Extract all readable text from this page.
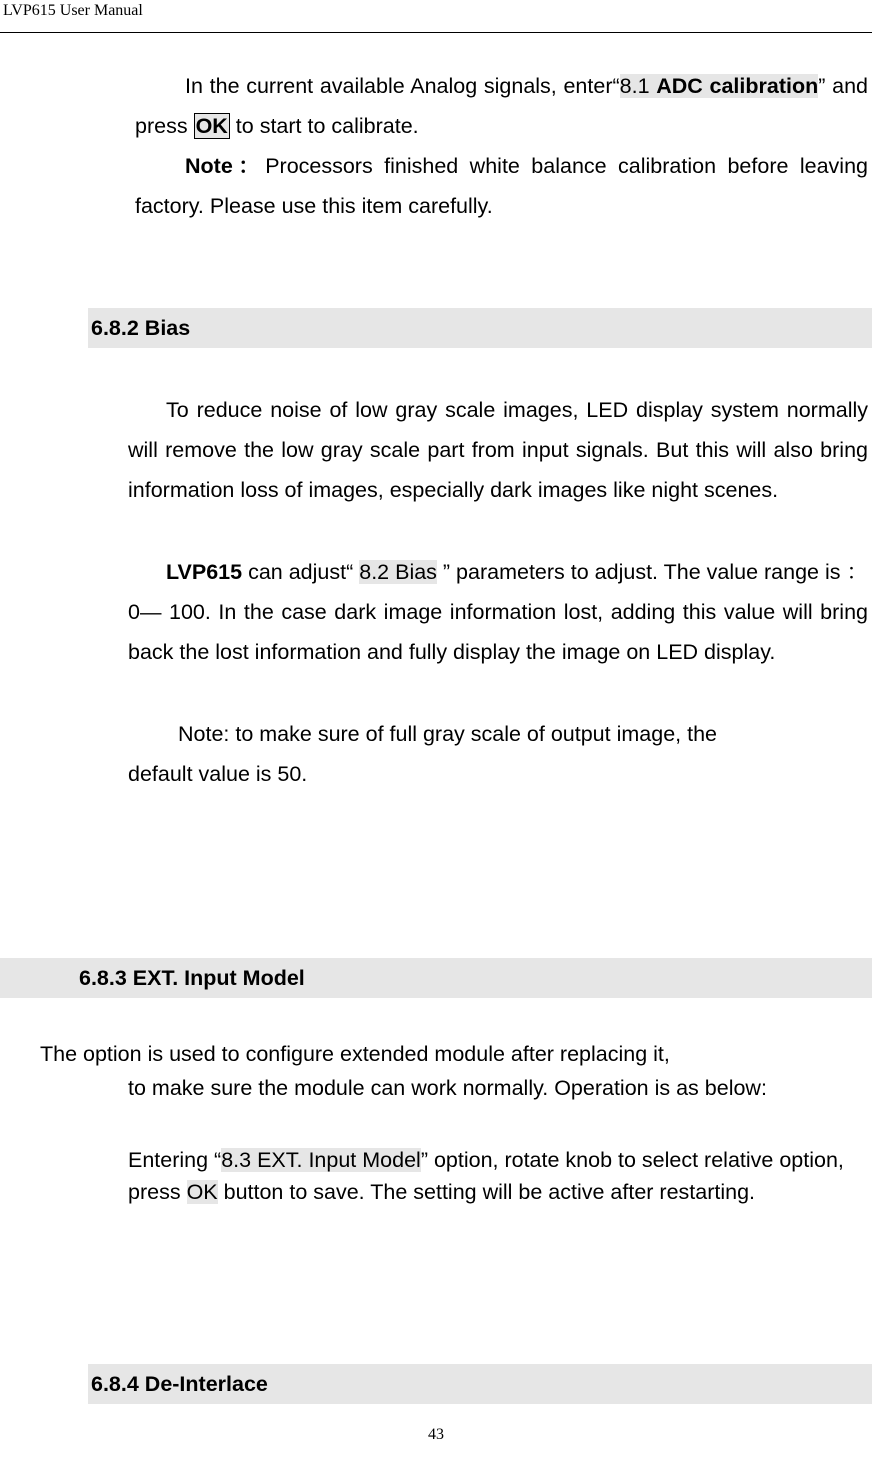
LVP615 User Manual

In the current available Analog signals, enter“8.1 ADC calibration” and press OK to start to calibrate.

Note：Processors finished white balance calibration before leaving factory. Please use this item carefully.

6.8.2 Bias

To reduce noise of low gray scale images, LED display system normally will remove the low gray scale part from input signals. But this will also bring information loss of images, especially dark images like night scenes.

LVP615 can adjust“ 8.2 Bias ” parameters to adjust. The value range is ：0— 100. In the case dark image information lost, adding this value will bring back the lost information and fully display the image on LED display.

Note: to make sure of full gray scale of output image, the

default value is 50.

6.8.3 EXT. Input Model

The option is used to configure extended module after replacing it,

to make sure the module can work normally. Operation is as below:

Entering “8.3 EXT. Input Model” option, rotate knob to select relative option, press OK button to save. The setting will be active after restarting.

6.8.4 De-Interlace
43
